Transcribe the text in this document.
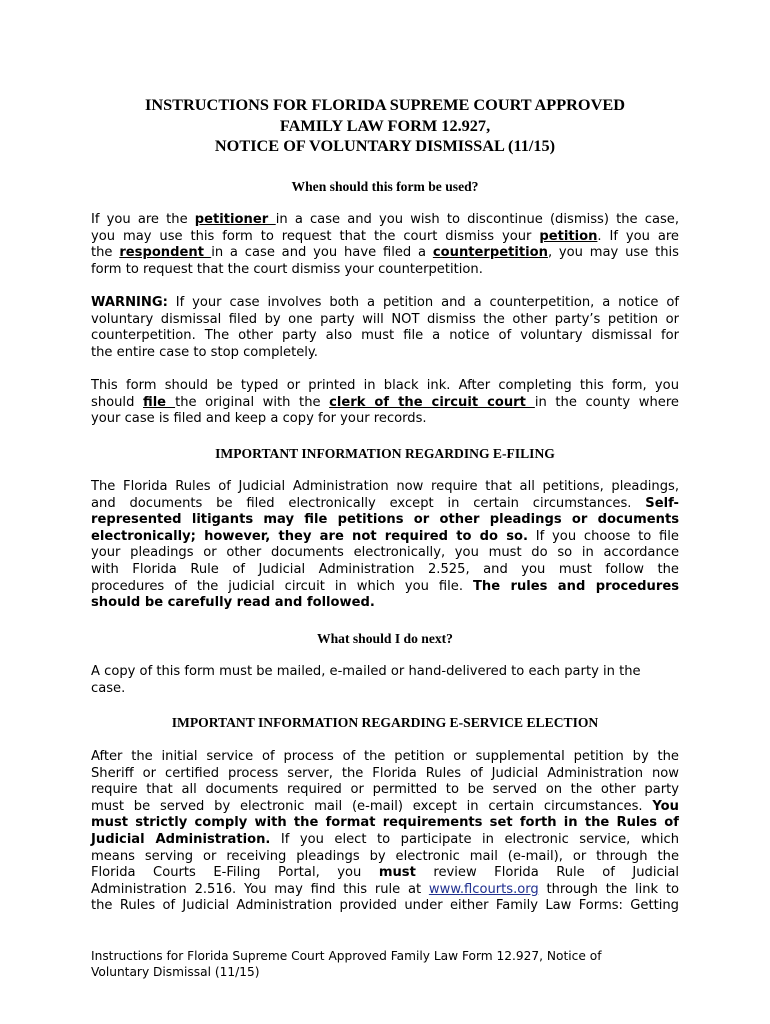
INSTRUCTIONS FOR FLORIDA SUPREME COURT APPROVED
FAMILY LAW FORM 12.927,
NOTICE OF VOLUNTARY DISMISSAL (11/15)
When should this form be used?
If you are the petitioner in a case and you wish to discontinue (dismiss) the case,
you may use this form to request that the court dismiss your petition. If you are
the respondent in a case and you have filed a counterpetition, you may use this
form to request that the court dismiss your counterpetition.
WARNING: If your case involves both a petition and a counterpetition, a notice of
voluntary dismissal filed by one party will NOT dismiss the other party’s petition or
counterpetition. The other party also must file a notice of voluntary dismissal for
the entire case to stop completely.
This form should be typed or printed in black ink. After completing this form, you
should file the original with the clerk of the circuit court in the county where
your case is filed and keep a copy for your records.
IMPORTANT INFORMATION REGARDING E-FILING
The Florida Rules of Judicial Administration now require that all petitions, pleadings,
and documents be filed electronically except in certain circumstances. Self-
represented litigants may file petitions or other pleadings or documents
electronically; however, they are not required to do so. If you choose to file
your pleadings or other documents electronically, you must do so in accordance
with Florida Rule of Judicial Administration 2.525, and you must follow the
procedures of the judicial circuit in which you file. The rules and procedures
should be carefully read and followed.
What should I do next?
A copy of this form must be mailed, e-mailed or hand-delivered to each party in the
case.
IMPORTANT INFORMATION REGARDING E-SERVICE ELECTION
After the initial service of process of the petition or supplemental petition by the
Sheriff or certified process server, the Florida Rules of Judicial Administration now
require that all documents required or permitted to be served on the other party
must be served by electronic mail (e-mail) except in certain circumstances. You
must strictly comply with the format requirements set forth in the Rules of
Judicial Administration. If you elect to participate in electronic service, which
means serving or receiving pleadings by electronic mail (e-mail), or through the
Florida Courts E-Filing Portal, you must review Florida Rule of Judicial
Administration 2.516. You may find this rule at www.flcourts.org through the link to
the Rules of Judicial Administration provided under either Family Law Forms: Getting
Instructions for Florida Supreme Court Approved Family Law Form 12.927, Notice of
Voluntary Dismissal (11/15)
